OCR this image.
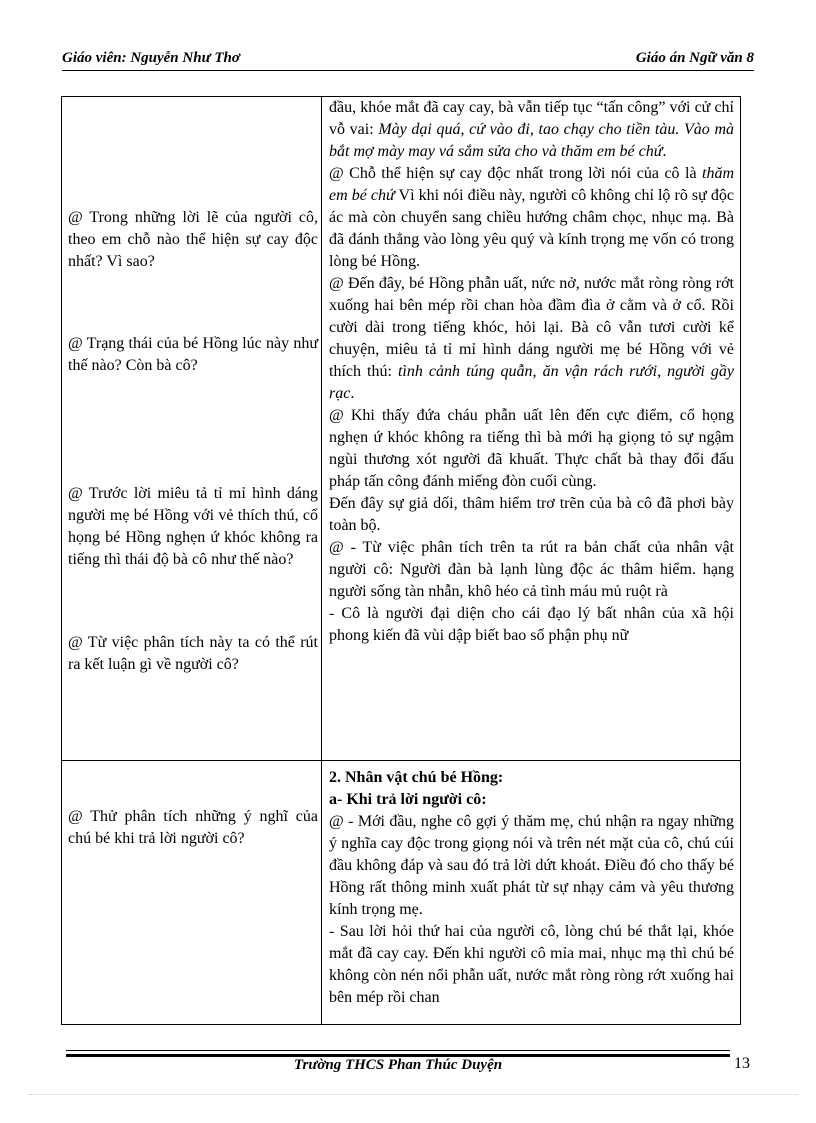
Giáo viên: Nguyễn Như Thơ	Giáo án Ngữ văn 8
@ Trong những lời lẽ của người cô, theo em chỗ nào thể hiện sự cay độc nhất? Vì sao?
@ Trạng thái của bé Hồng lúc này như thế nào? Còn bà cô?
@ Trước lời miêu tả tỉ mỉ hình dáng người mẹ bé Hồng với vẻ thích thú, cổ họng bé Hồng nghẹn ứ khóc không ra tiếng thì thái độ bà cô như thế nào?
@ Từ việc phân tích này ta có thể rút ra kết luận gì về người cô?

đầu, khóe mắt đã cay cay, bà vẫn tiếp tục “tấn công” với cử chỉ vỗ vai: Mày dại quá, cứ vào đi, tao chạy cho tiền tàu. Vào mà bắt mợ mày may vá sắm sửa cho và thăm em bé chứ.

@ Chỗ thể hiện sự cay độc nhất trong lời nói của cô là thăm em bé chứ Vì khi nói điều này, người cô không chỉ lộ rõ sự độc ác mà còn chuyển sang chiều hướng châm chọc, nhục mạ. Bà đã đánh thẳng vào lòng yêu quý và kính trọng mẹ vốn có trong lòng bé Hồng.

@ Đến đây, bé Hồng phẫn uất, nức nở, nước mắt ròng ròng rớt xuống hai bên mép rồi chan hòa đầm đìa ở cằm và ở cổ. Rồi cười dài trong tiếng khóc, hỏi lại. Bà cô vẫn tươi cười kể chuyện, miêu tả tỉ mỉ hình dáng người mẹ bé Hồng với vẻ thích thú: tình cảnh túng quẫn, ăn vận rách rưới, người gầy rạc.

@ Khi thấy đứa cháu phẫn uất lên đến cực điểm, cổ họng nghẹn ứ khóc không ra tiếng thì bà mới hạ giọng tỏ sự ngậm ngùi thương xót người đã khuất. Thực chất bà thay đổi đấu pháp tấn công đánh miếng đòn cuối cùng.

Đến đây sự giả dối, thâm hiểm trơ trẽn của bà cô đã phơi bày toàn bộ.

@ - Từ việc phân tích trên ta rút ra bản chất của nhân vật người cô: Người đàn bà lạnh lùng độc ác thâm hiểm. hạng người sống tàn nhẫn, khô héo cả tình máu mủ ruột rà

- Cô là người đại diện cho cái đạo lý bất nhân của xã hội phong kiến đã vùi dập biết bao số phận phụ nữ

@ Thử phân tích những ý nghĩ của chú bé khi trả lời người cô?

2. Nhân vật chú bé Hồng:

a- Khi trả lời người cô:

@ - Mới đầu, nghe cô gợi ý thăm mẹ, chú nhận ra ngay những ý nghĩa cay độc trong giọng nói và trên nét mặt của cô, chú cúi đầu không đáp và sau đó trả lời dứt khoát. Điều đó cho thấy bé Hồng rất thông minh xuất phát từ sự nhạy cảm và yêu thương kính trọng mẹ.

- Sau lời hỏi thứ hai của người cô, lòng chú bé thắt lại, khóe mắt đã cay cay. Đến khi người cô mỉa mai, nhục mạ thì chú bé không còn nén nổi phẫn uất, nước mắt ròng ròng rớt xuống hai bên mép rồi chan

Trường THCS Phan Thúc Duyện	13
